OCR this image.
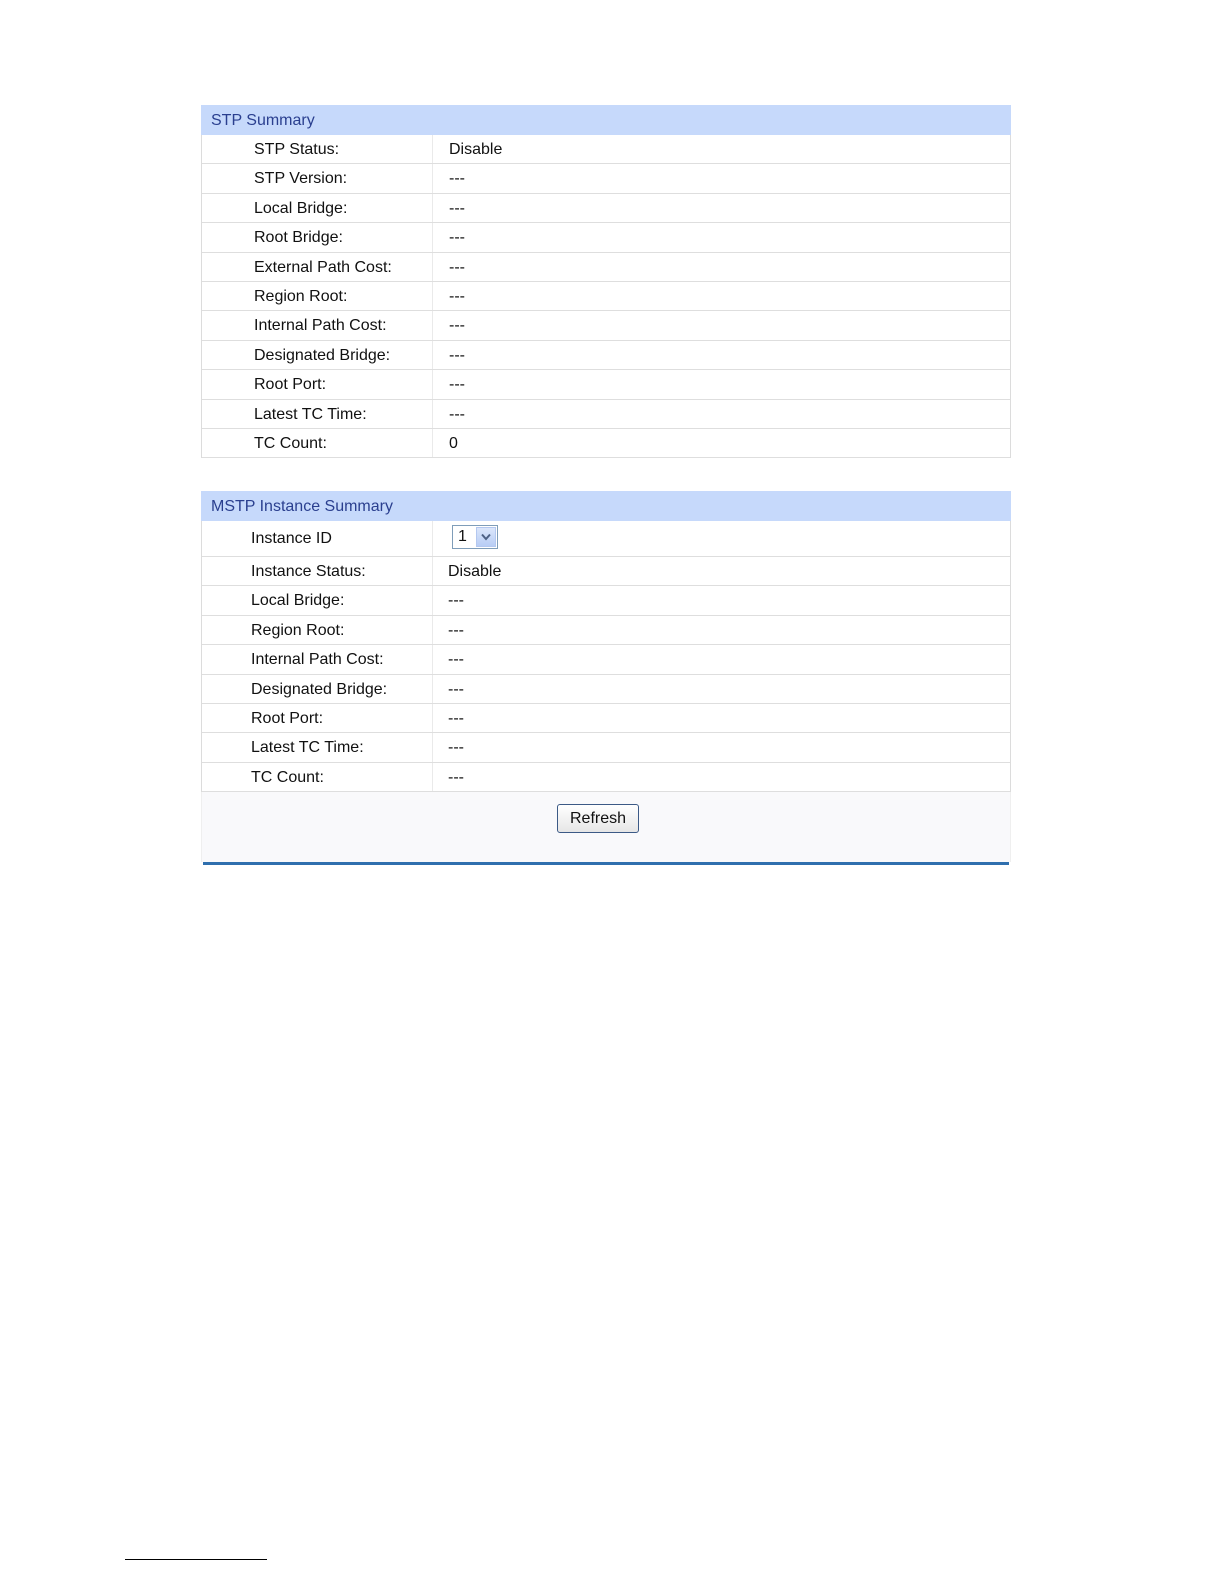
STP Summary
STP Status:	Disable
STP Version:	---
Local Bridge:	---
Root Bridge:	---
External Path Cost:	---
Region Root:	---
Internal Path Cost:	---
Designated Bridge:	---
Root Port:	---
Latest TC Time:	---
TC Count:	0
MSTP Instance Summary
Instance ID	1
Instance Status:	Disable
Local Bridge:	---
Region Root:	---
Internal Path Cost:	---
Designated Bridge:	---
Root Port:	---
Latest TC Time:	---
TC Count:	---
Refresh
